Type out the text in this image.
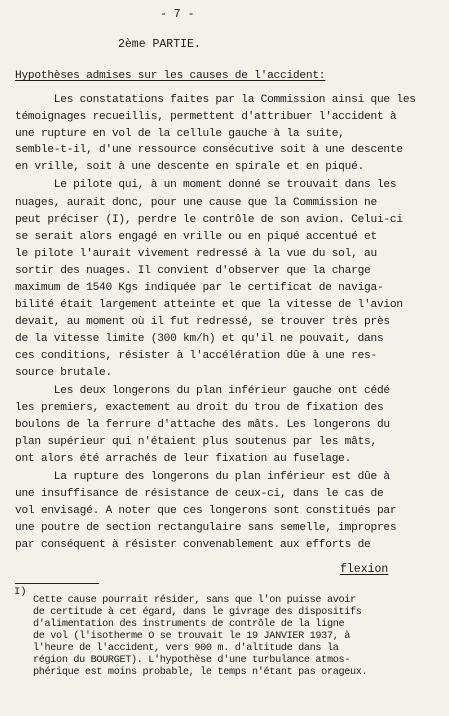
- 7 -
2ème PARTIE.
Hypothèses admises sur les causes de l'accident:
Les constatations faites par la Commission ainsi que les
témoignages recueillis, permettent d'attribuer l'accident à
une rupture en vol de la cellule gauche à la suite,
semble-t-il, d'une ressource consécutive soit à une descente
en vrille, soit à une descente en spirale et en piqué.
Le pilote qui, à un moment donné se trouvait dans les
nuages, aurait donc, pour une cause que la Commission ne
peut préciser (I), perdre le contrôle de son avion. Celui-ci
se serait alors engagé en vrille ou en piqué accentué et
le pilote l'aurait vivement redressé à la vue du sol, au
sortir des nuages. Il convient d'observer que la charge
maximum de 1540 Kgs indiquée par le certificat de naviga-
bilité était largement atteinte et que la vitesse de l'avion
devait, au moment où il fut redressé, se trouver très près
de la vitesse limite (300 km/h) et qu'il ne pouvait, dans
ces conditions, résister à l'accélération dûe à une res-
source brutale.
Les deux longerons du plan inférieur gauche ont cédé
les premiers, exactement au droit du trou de fixation des
boulons de la ferrure d'attache des mâts. Les longerons du
plan supérieur qui n'étaient plus soutenus par les mâts,
ont alors été arrachés de leur fixation au fuselage.
La rupture des longerons du plan inférieur est dûe à
une insuffisance de résistance de ceux-ci, dans le cas de
vol envisagé. A noter que ces longerons sont constitués par
une poutre de section rectangulaire sans semelle, impropres
par conséquent à résister convenablement aux efforts de
flexion
I)
Cette cause pourrait résider, sans que l'on puisse avoir
de certitude à cet égard, dans le givrage des dispositifs
d'alimentation des instruments de contrôle de la ligne
de vol (l'isotherme O se trouvait le 19 JANVIER 1937, à
l'heure de l'accident, vers 900 m. d'altitude dans la
région du BOURGET). L'hypothèse d'une turbulance atmos-
phérique est moins probable, le temps n'étant pas orageux.
